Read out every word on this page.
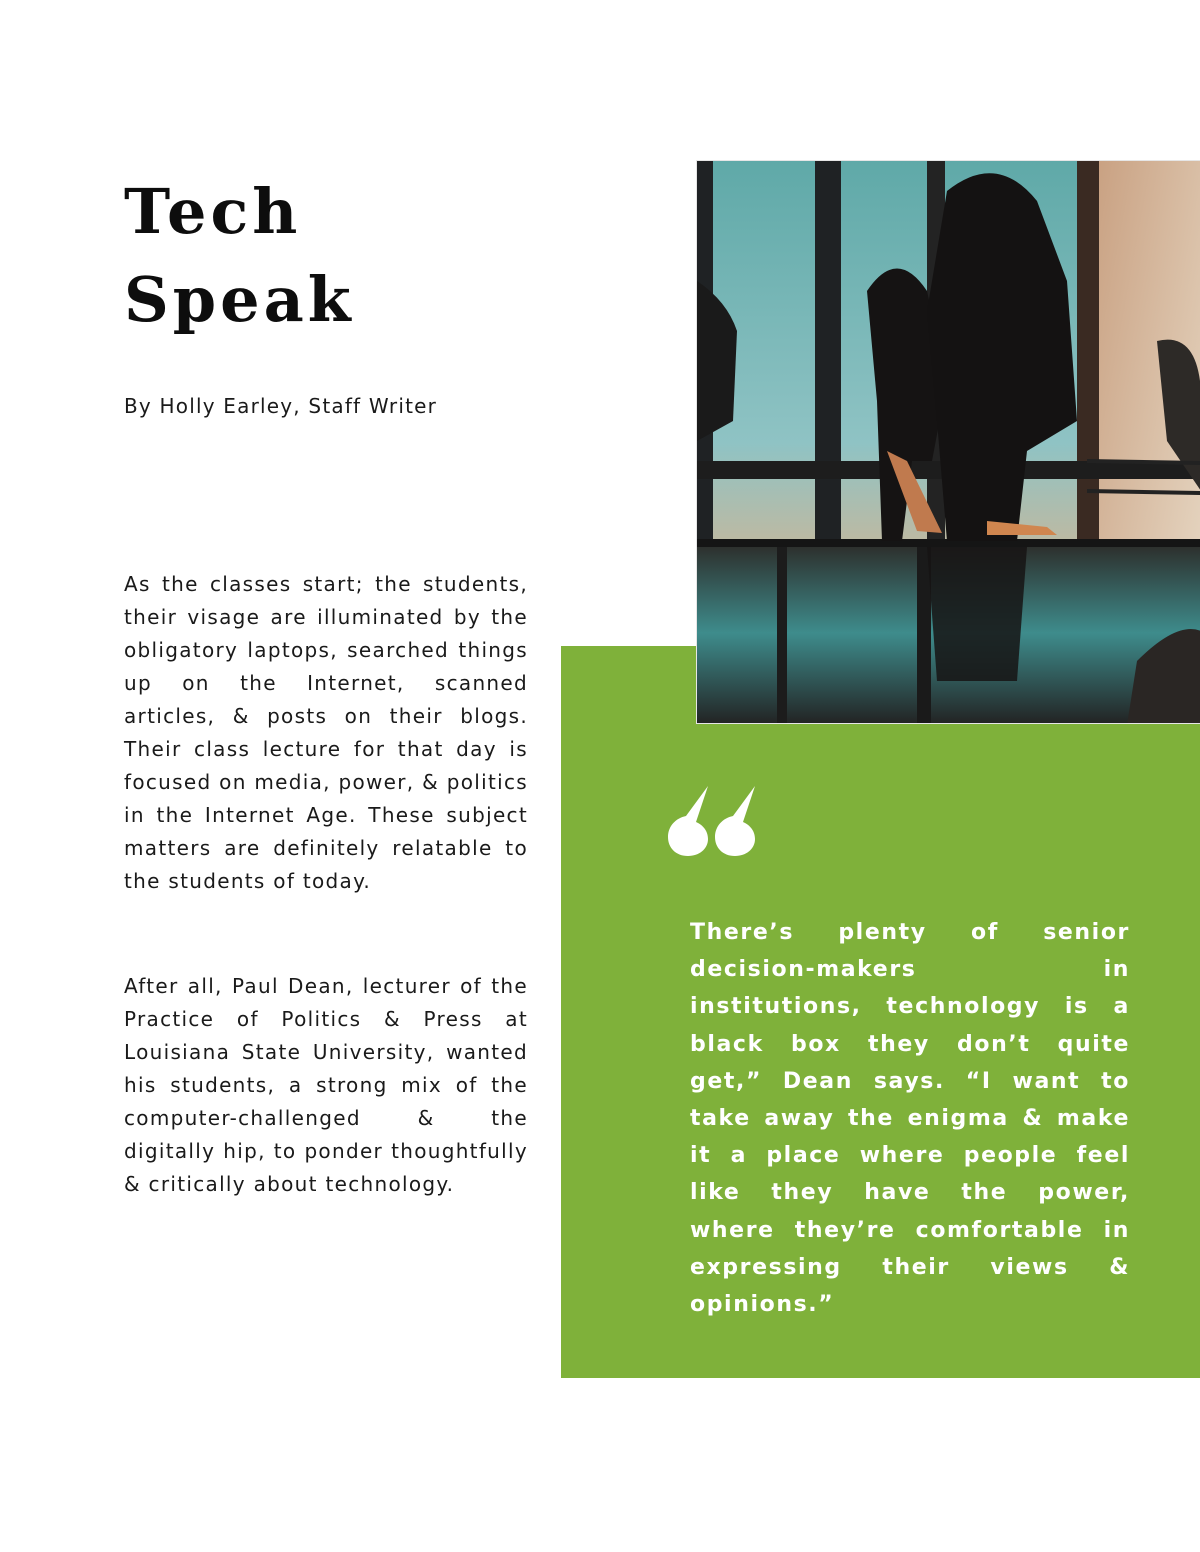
Tech
Speak
By Holly Earley, Staff Writer

As the classes start; the students, their visage are illuminated by the obligatory laptops, searched things up on the Internet, scanned articles, & posts on their blogs. Their class lecture for that day is focused on media, power, & politics in the Internet Age. These subject matters are definitely relatable to the students of today.

After all, Paul Dean, lecturer of the Practice of Politics & Press at Louisiana State University, wanted his students, a strong mix of the computer-challenged & the digitally hip, to ponder thoughtfully & critically about technology.

There’s plenty of senior decision-makers in institutions, technology is a black box they don’t quite get,” Dean says. “I want to take away the enigma & make it a place where people feel like they have the power, where they’re comfortable in expressing their views & opinions.”
